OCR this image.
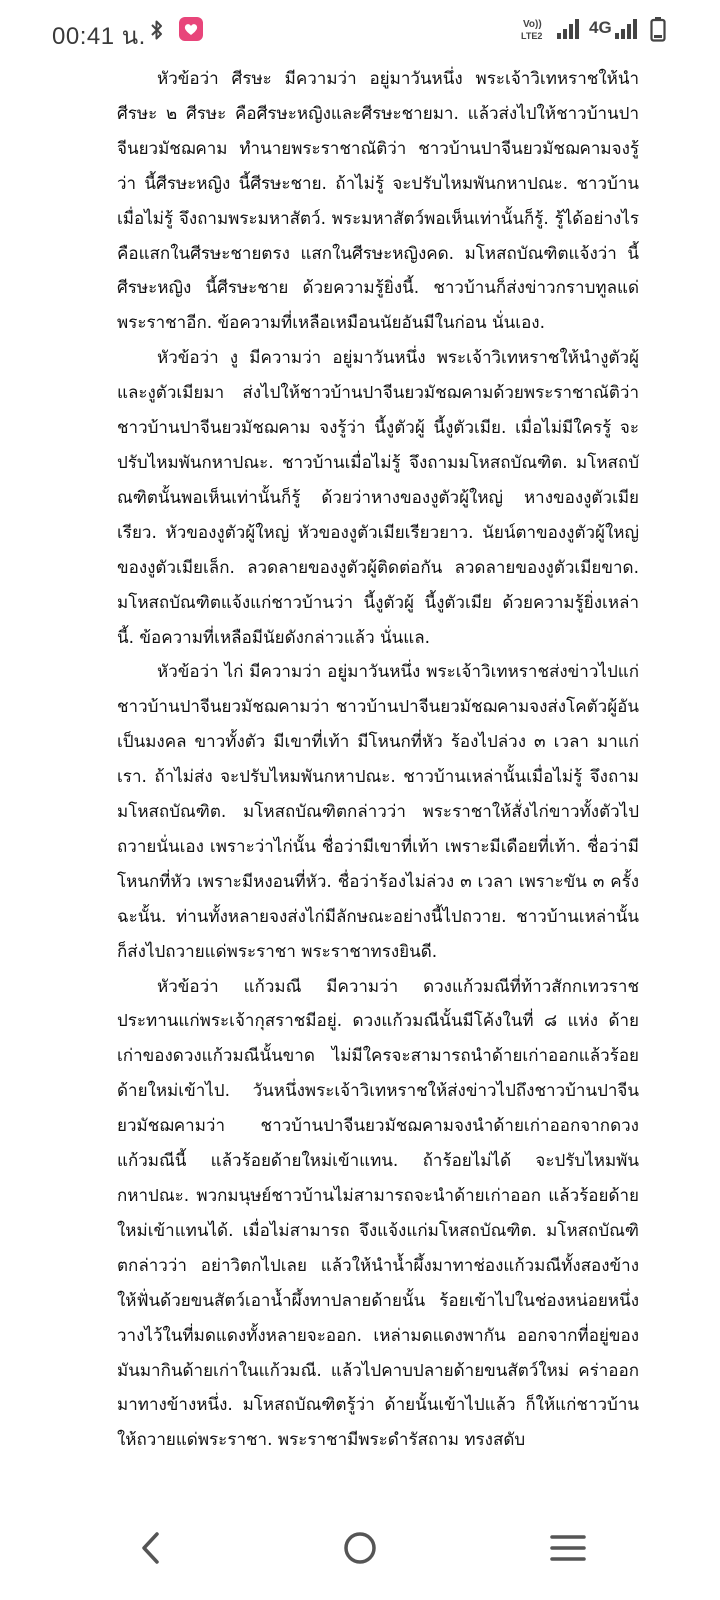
00:41 น.	Vo))
LTE2	4G

หัวข้อว่า ศีรษะ มีความว่า อยู่มาวันหนึ่ง พระเจ้าวิเทหราชให้นำศีรษะ ๒ ศีรษะ คือศีรษะหญิงและศีรษะชายมา. แล้วส่งไปให้ชาวบ้านปาจีนยวมัชฌคาม ทำนายพระราชาณัติว่า ชาวบ้านปาจีนยวมัชฌคามจงรู้ว่า นี้ศีรษะหญิง นี้ศีรษะชาย. ถ้าไม่รู้ จะปรับไหมพันกหาปณะ. ชาวบ้านเมื่อไม่รู้ จึงถามพระมหาสัตว์. พระมหาสัตว์พอเห็นเท่านั้นก็รู้. รู้ได้อย่างไร คือแสกในศีรษะชายตรง แสกในศีรษะหญิงคด. มโหสถบัณฑิตแจ้งว่า นี้ศีรษะหญิง นี้ศีรษะชาย ด้วยความรู้ยิ่งนี้. ชาวบ้านก็ส่งข่าวกราบทูลแด่พระราชาอีก. ข้อความที่เหลือเหมือนนัยอันมีในก่อน นั่นเอง.

หัวข้อว่า งู มีความว่า อยู่มาวันหนึ่ง พระเจ้าวิเทหราชให้นำงูตัวผู้และงูตัวเมียมา ส่งไปให้ชาวบ้านปาจีนยวมัชฌคามด้วยพระราชาณัติว่า ชาวบ้านปาจีนยวมัชฌคาม จงรู้ว่า นี้งูตัวผู้ นี้งูตัวเมีย. เมื่อไม่มีใครรู้ จะปรับไหมพันกหาปณะ. ชาวบ้านเมื่อไม่รู้ จึงถามมโหสถบัณฑิต. มโหสถบัณฑิตนั้นพอเห็นเท่านั้นก็รู้ ด้วยว่าหางของงูตัวผู้ใหญ่ หางของงูตัวเมียเรียว. หัวของงูตัวผู้ใหญ่ หัวของงูตัวเมียเรียวยาว. นัยน์ตาของงูตัวผู้ใหญ่ ของงูตัวเมียเล็ก. ลวดลายของงูตัวผู้ติดต่อกัน ลวดลายของงูตัวเมียขาด. มโหสถบัณฑิตแจ้งแก่ชาวบ้านว่า นี้งูตัวผู้ นี้งูตัวเมีย ด้วยความรู้ยิ่งเหล่านี้. ข้อความที่เหลือมีนัยดังกล่าวแล้ว นั่นแล.

หัวข้อว่า ไก่ มีความว่า อยู่มาวันหนึ่ง พระเจ้าวิเทหราชส่งข่าวไปแก่ชาวบ้านปาจีนยวมัชฌคามว่า ชาวบ้านปาจีนยวมัชฌคามจงส่งโคตัวผู้อันเป็นมงคล ขาวทั้งตัว มีเขาที่เท้า มีโหนกที่หัว ร้องไปล่วง ๓ เวลา มาแก่เรา. ถ้าไม่ส่ง จะปรับไหมพันกหาปณะ. ชาวบ้านเหล่านั้นเมื่อไม่รู้ จึงถามมโหสถบัณฑิต. มโหสถบัณฑิตกล่าวว่า พระราชาให้สั่งไก่ขาวทั้งตัวไปถวายนั่นเอง เพราะว่าไก่นั้น ชื่อว่ามีเขาที่เท้า เพราะมีเดือยที่เท้า. ชื่อว่ามีโหนกที่หัว เพราะมีหงอนที่หัว. ชื่อว่าร้องไม่ล่วง ๓ เวลา เพราะขัน ๓ ครั้ง ฉะนั้น. ท่านทั้งหลายจงส่งไก่มีลักษณะอย่างนี้ไปถวาย. ชาวบ้านเหล่านั้นก็ส่งไปถวายแด่พระราชา พระราชาทรงยินดี.

หัวข้อว่า แก้วมณี มีความว่า ดวงแก้วมณีที่ท้าวสักกเทวราชประทานแก่พระเจ้ากุสราชมีอยู่. ดวงแก้วมณีนั้นมีโค้งในที่ ๘ แห่ง ด้ายเก่าของดวงแก้วมณีนั้นขาด ไม่มีใครจะสามารถนำด้ายเก่าออกแล้วร้อยด้ายใหม่เข้าไป. วันหนึ่งพระเจ้าวิเทหราชให้ส่งข่าวไปถึงชาวบ้านปาจีนยวมัชฌคามว่า ชาวบ้านปาจีนยวมัชฌคามจงนำด้ายเก่าออกจากดวงแก้วมณีนี้ แล้วร้อยด้ายใหม่เข้าแทน. ถ้าร้อยไม่ได้ จะปรับไหมพันกหาปณะ. พวกมนุษย์ชาวบ้านไม่สามารถจะนำด้ายเก่าออก แล้วร้อยด้ายใหม่เข้าแทนได้. เมื่อไม่สามารถ จึงแจ้งแก่มโหสถบัณฑิต. มโหสถบัณฑิตกล่าวว่า อย่าวิตกไปเลย แล้วให้นำน้ำผึ้งมาทาช่องแก้วมณีทั้งสองข้าง ให้ฟั่นด้วยขนสัตว์เอาน้ำผึ้งทาปลายด้ายนั้น ร้อยเข้าไปในช่องหน่อยหนึ่ง วางไว้ในที่มดแดงทั้งหลายจะออก. เหล่ามดแดงพากัน ออกจากที่อยู่ของมันมากินด้ายเก่าในแก้วมณี. แล้วไปคาบปลายด้ายขนสัตว์ใหม่ คร่าออกมาทางข้างหนึ่ง. มโหสถบัณฑิตรู้ว่า ด้ายนั้นเข้าไปแล้ว ก็ให้แก่ชาวบ้าน ให้ถวายแด่พระราชา. พระราชามีพระดำรัสถาม ทรงสดับ
